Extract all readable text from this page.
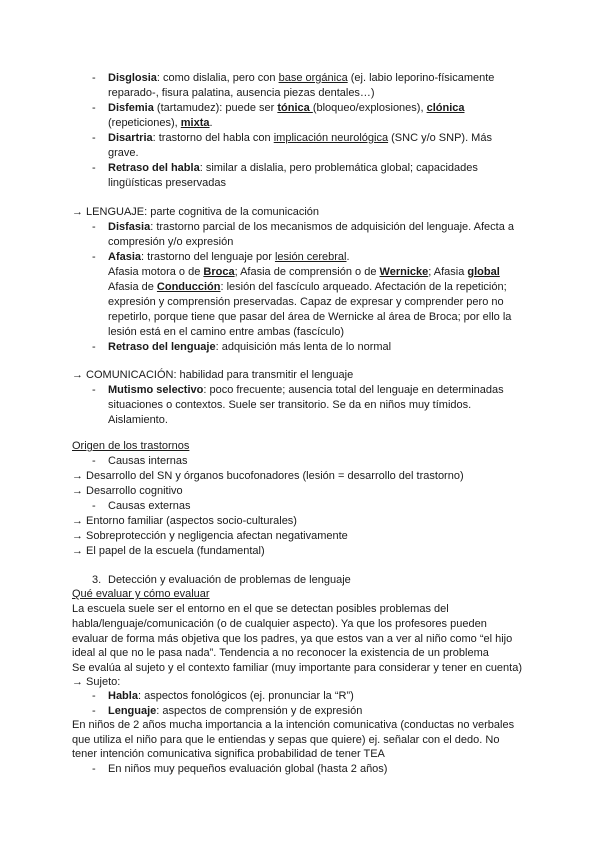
- Disglosia: como dislalia, pero con base orgánica (ej. labio leporino-físicamente
reparado-, fisura palatina, ausencia piezas dentales…)
- Disfemia (tartamudez): puede ser tónica (bloqueo/explosiones), clónica
(repeticiones), mixta.
- Disartria: trastorno del habla con implicación neurológica (SNC y/o SNP). Más
grave.
- Retraso del habla: similar a dislalia, pero problemática global; capacidades
lingüísticas preservadas
→ LENGUAJE: parte cognitiva de la comunicación
- Disfasia: trastorno parcial de los mecanismos de adquisición del lenguaje. Afecta a
compresión y/o expresión
- Afasia: trastorno del lenguaje por lesión cerebral.
Afasia motora o de Broca; Afasia de comprensión o de Wernicke; Afasia global
Afasia de Conducción: lesión del fascículo arqueado. Afectación de la repetición;
expresión y comprensión preservadas. Capaz de expresar y comprender pero no
repetirlo, porque tiene que pasar del área de Wernicke al área de Broca; por ello la
lesión está en el camino entre ambas (fascículo)
- Retraso del lenguaje: adquisición más lenta de lo normal
→ COMUNICACIÓN: habilidad para transmitir el lenguaje
- Mutismo selectivo: poco frecuente; ausencia total del lenguaje en determinadas
situaciones o contextos. Suele ser transitorio. Se da en niños muy tímidos.
Aislamiento.
Origen de los trastornos
- Causas internas
→ Desarrollo del SN y órganos bucofonadores (lesión = desarrollo del trastorno)
→ Desarrollo cognitivo
- Causas externas
→ Entorno familiar (aspectos socio-culturales)
→ Sobreprotección y negligencia afectan negativamente
→ El papel de la escuela (fundamental)
3. Detección y evaluación de problemas de lenguaje
Qué evaluar y cómo evaluar
La escuela suele ser el entorno en el que se detectan posibles problemas del
habla/lenguaje/comunicación (o de cualquier aspecto). Ya que los profesores pueden
evaluar de forma más objetiva que los padres, ya que estos van a ver al niño como “el hijo
ideal al que no le pasa nada”. Tendencia a no reconocer la existencia de un problema
Se evalúa al sujeto y el contexto familiar (muy importante para considerar y tener en cuenta)
→ Sujeto:
- Habla: aspectos fonológicos (ej. pronunciar la “R”)
- Lenguaje: aspectos de comprensión y de expresión
En niños de 2 años mucha importancia a la intención comunicativa (conductas no verbales
que utiliza el niño para que le entiendas y sepas que quiere) ej. señalar con el dedo. No
tener intención comunicativa significa probabilidad de tener TEA
- En niños muy pequeños evaluación global (hasta 2 años)
